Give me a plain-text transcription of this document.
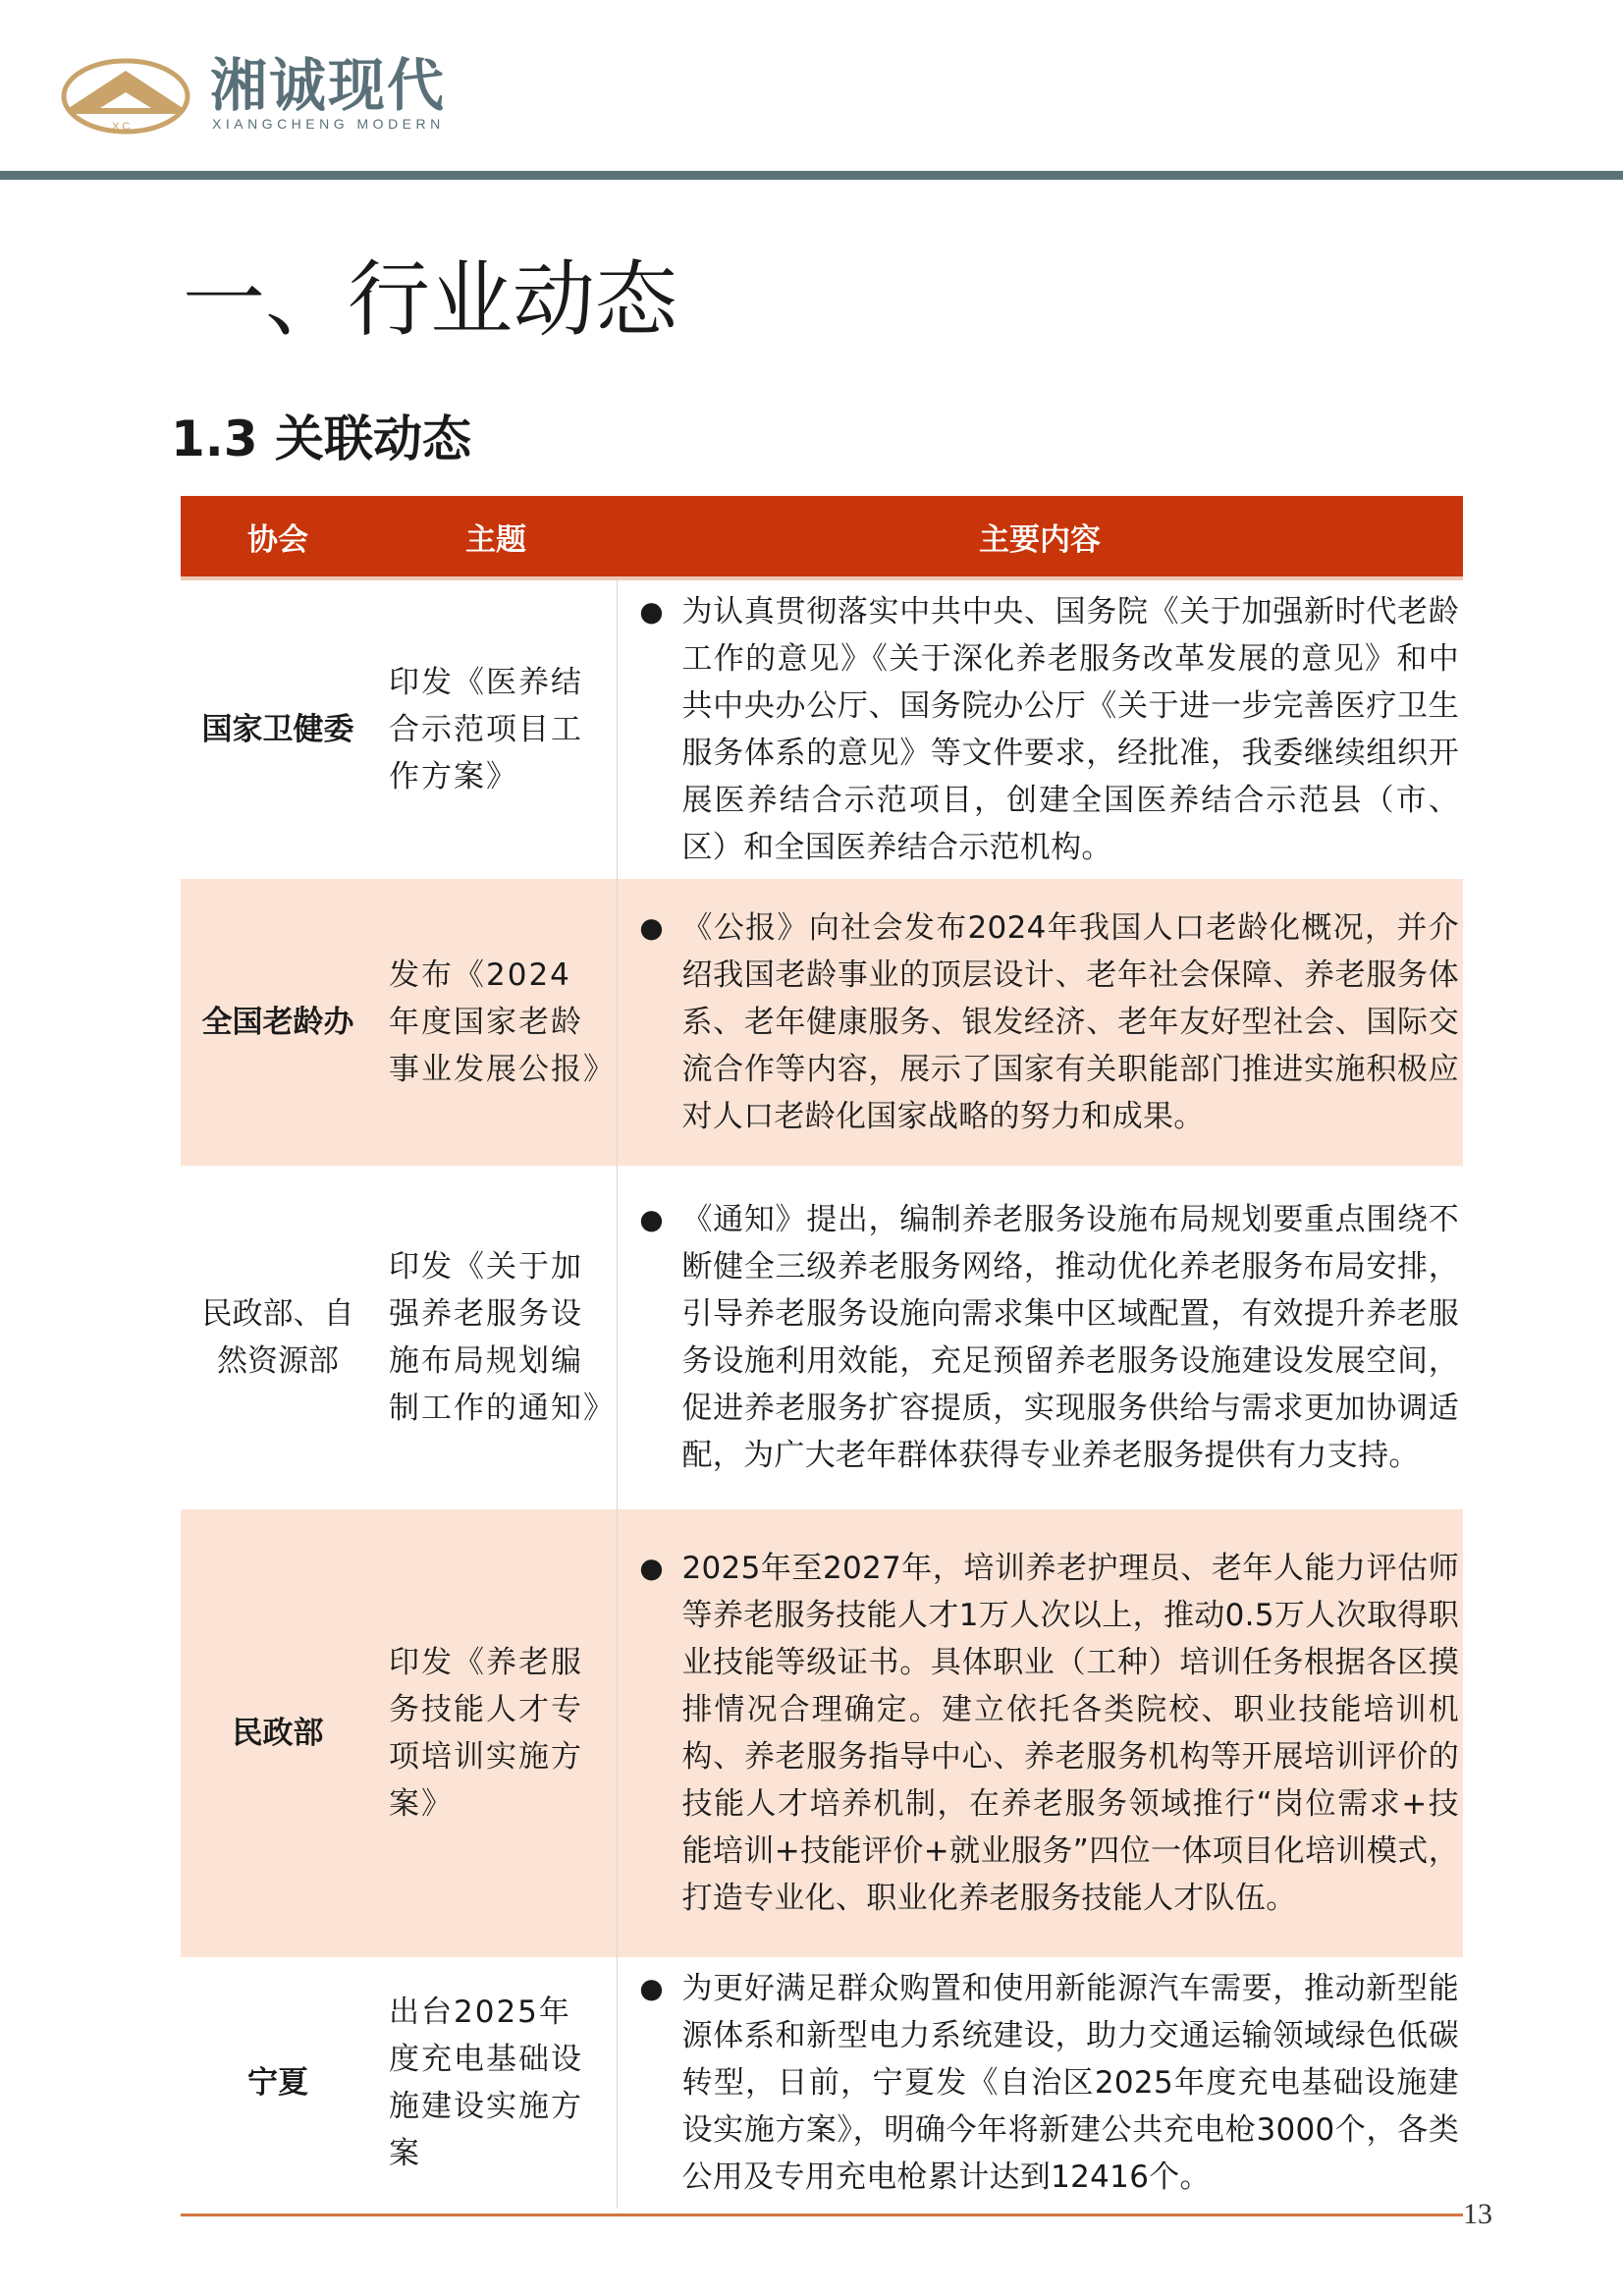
X C
湘诚现代
XIANGCHENG MODERN
一、行业动态
1.3 关联动态
协会	主题	主要内容

国家卫健委	印发《医养结合示范项目工作方案》	● 为认真贯彻落实中共中央、国务院《关于加强新时代老龄工作的意见》《关于深化养老服务改革发展的意见》和中共中央办公厅、国务院办公厅《关于进一步完善医疗卫生服务体系的意见》等文件要求，经批准，我委继续组织开展医养结合示范项目，创建全国医养结合示范县（市、区）和全国医养结合示范机构。

全国老龄办	发布《2024年度国家老龄事业发展公报》	● 《公报》向社会发布2024年我国人口老龄化概况，并介绍我国老龄事业的顶层设计、老年社会保障、养老服务体系、老年健康服务、银发经济、老年友好型社会、国际交流合作等内容，展示了国家有关职能部门推进实施积极应对人口老龄化国家战略的努力和成果。

民政部、自然资源部	印发《关于加强养老服务设施布局规划编制工作的通知》	● 《通知》提出，编制养老服务设施布局规划要重点围绕不断健全三级养老服务网络，推动优化养老服务布局安排，引导养老服务设施向需求集中区域配置，有效提升养老服务设施利用效能，充足预留养老服务设施建设发展空间，促进养老服务扩容提质，实现服务供给与需求更加协调适配，为广大老年群体获得专业养老服务提供有力支持。

民政部	印发《养老服务技能人才专项培训实施方案》	● 2025年至2027年，培训养老护理员、老年人能力评估师等养老服务技能人才1万人次以上，推动0.5万人次取得职业技能等级证书。具体职业（工种）培训任务根据各区摸排情况合理确定。建立依托各类院校、职业技能培训机构、养老服务指导中心、养老服务机构等开展培训评价的技能人才培养机制，在养老服务领域推行“岗位需求+技能培训+技能评价+就业服务”四位一体项目化培训模式，打造专业化、职业化养老服务技能人才队伍。

宁夏	出台2025年度充电基础设施建设实施方案	● 为更好满足群众购置和使用新能源汽车需要，推动新型能源体系和新型电力系统建设，助力交通运输领域绿色低碳转型，日前，宁夏发《自治区2025年度充电基础设施建设实施方案》，明确今年将新建公共充电枪3000个，各类公用及专用充电枪累计达到12416个。
13
